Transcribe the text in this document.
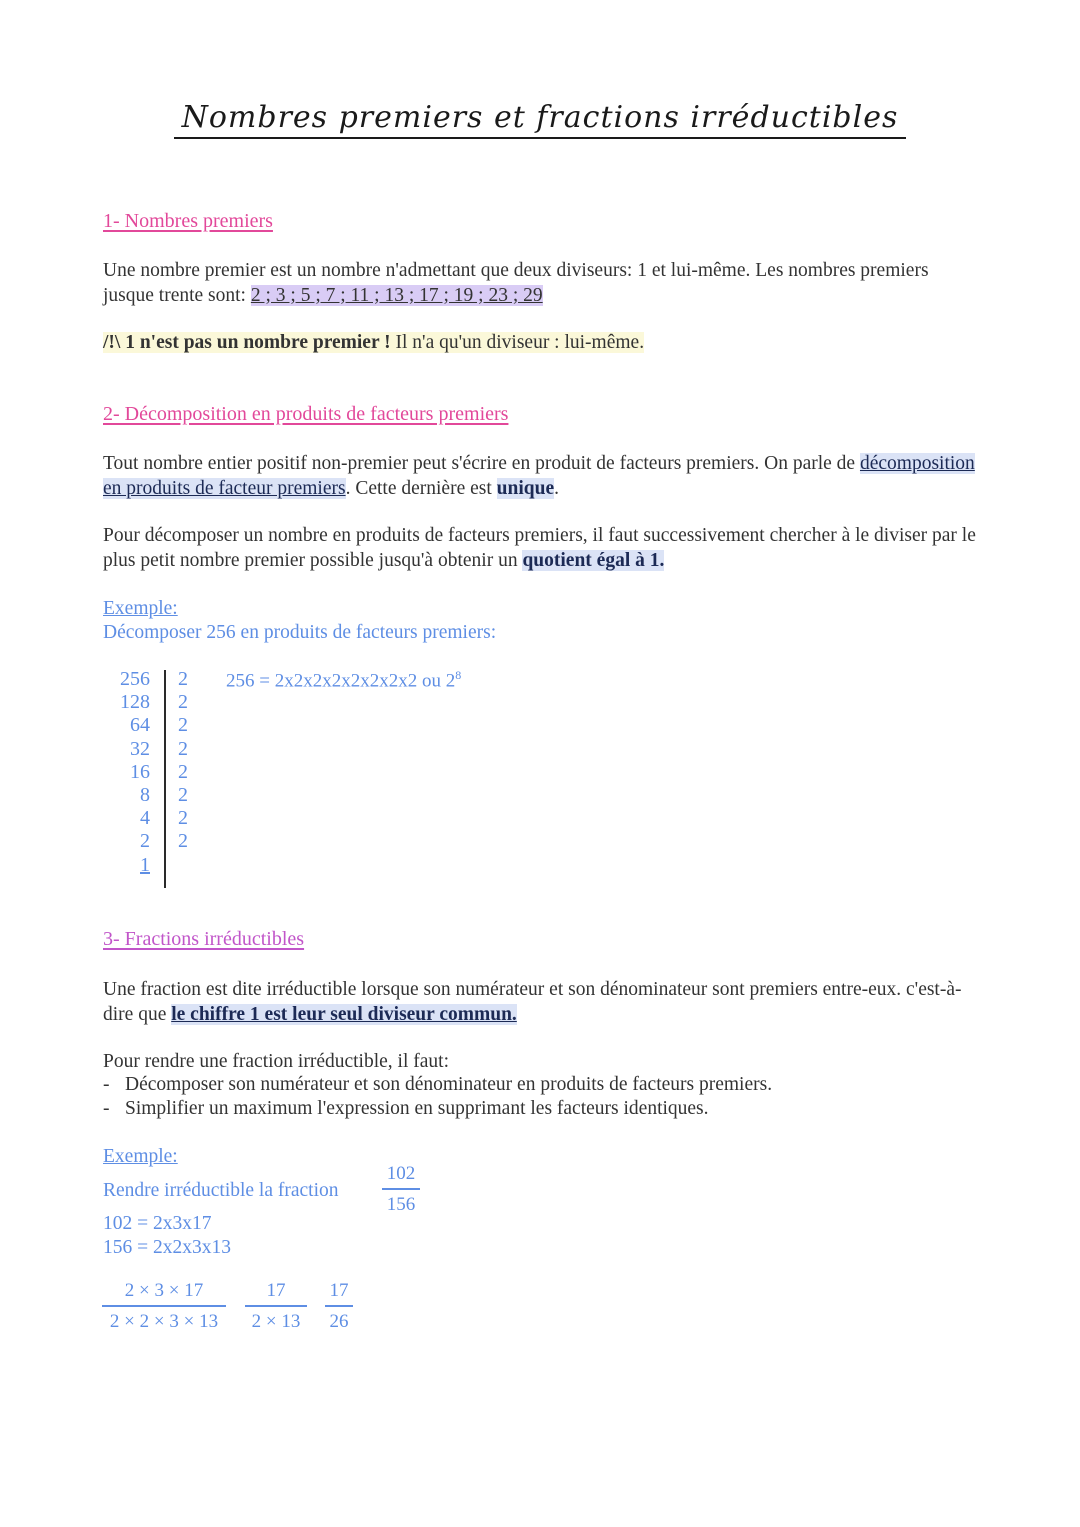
Nombres premiers et fractions irréductibles
1- Nombres premiers
Une nombre premier est un nombre n'admettant que deux diviseurs: 1 et lui-même. Les nombres premiers jusque trente sont: 2 ; 3 ; 5 ; 7 ; 11 ; 13 ; 17 ; 19 ; 23 ; 29
/!\ 1 n'est pas un nombre premier ! Il n'a qu'un diviseur : lui-même.
2- Décomposition en produits de facteurs premiers
Tout nombre entier positif non-premier peut s'écrire en produit de facteurs premiers. On parle de décomposition en produits de facteur premiers. Cette dernière est unique.
Pour décomposer un nombre en produits de facteurs premiers, il faut successivement chercher à le diviser par le plus petit nombre premier possible jusqu'à obtenir un quotient égal à 1.
Exemple:
Décomposer 256 en produits de facteurs premiers:
256
128
64
32
16
8
4
2
1
2
2
2
2
2
2
2
2
256 = 2x2x2x2x2x2x2x2 ou $2^8$
3- Fractions irréductibles
Une fraction est dite irréductible lorsque son numérateur et son dénominateur sont premiers entre-eux. c'est-à-dire que le chiffre 1 est leur seul diviseur commun.
Pour rendre une fraction irréductible, il faut:
- Décomposer son numérateur et son dénominateur en produits de facteurs premiers.
- Simplifier un maximum l'expression en supprimant les facteurs identiques.
Exemple:
Rendre irréductible la fraction
102
156
102 = 2x3x17
156 = 2x2x3x13
2 × 3 × 17
2 × 2 × 3 × 13
17
2 × 13
17
26
